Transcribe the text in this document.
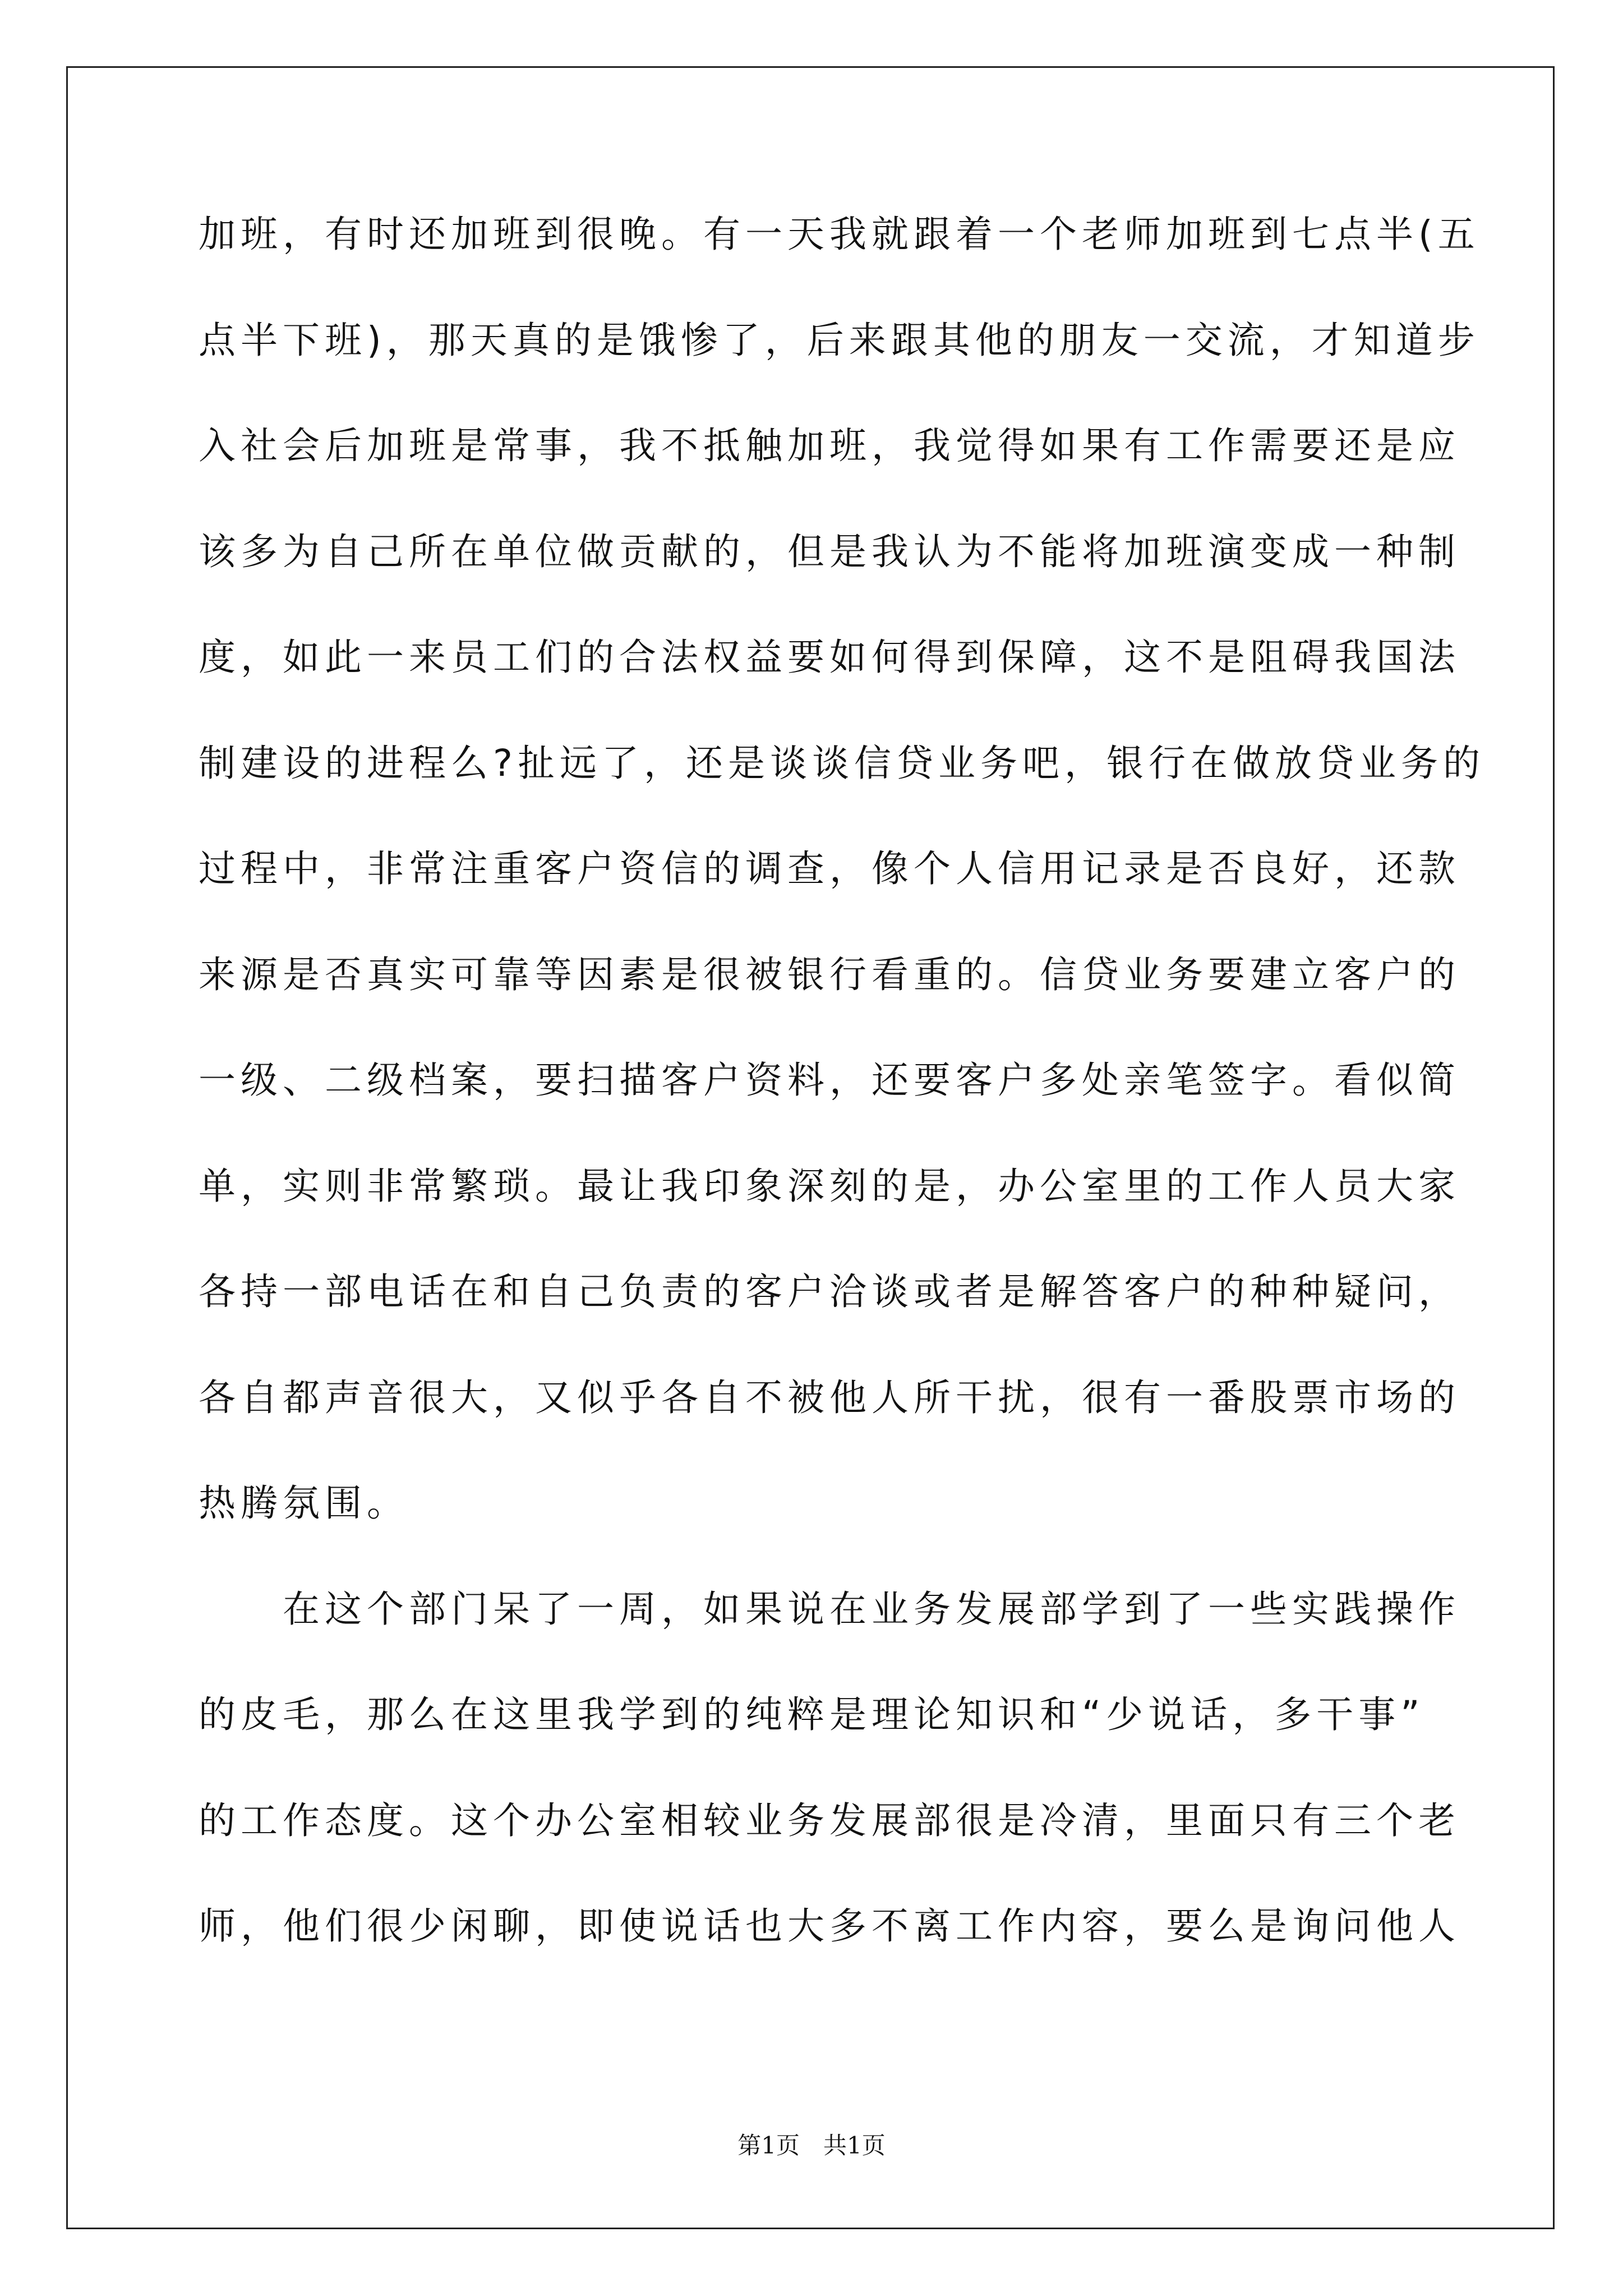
加班，有时还加班到很晚。有一天我就跟着一个老师加班到七点半(五
点半下班)，那天真的是饿惨了，后来跟其他的朋友一交流，才知道步
入社会后加班是常事，我不抵触加班，我觉得如果有工作需要还是应
该多为自己所在单位做贡献的，但是我认为不能将加班演变成一种制
度，如此一来员工们的合法权益要如何得到保障，这不是阻碍我国法
制建设的进程么?扯远了，还是谈谈信贷业务吧，银行在做放贷业务的
过程中，非常注重客户资信的调查，像个人信用记录是否良好，还款
来源是否真实可靠等因素是很被银行看重的。信贷业务要建立客户的
一级、二级档案，要扫描客户资料，还要客户多处亲笔签字。看似简
单，实则非常繁琐。最让我印象深刻的是，办公室里的工作人员大家
各持一部电话在和自己负责的客户洽谈或者是解答客户的种种疑问，
各自都声音很大，又似乎各自不被他人所干扰，很有一番股票市场的
热腾氛围。
　　在这个部门呆了一周，如果说在业务发展部学到了一些实践操作
的皮毛，那么在这里我学到的纯粹是理论知识和“少说话，多干事”
的工作态度。这个办公室相较业务发展部很是冷清，里面只有三个老
师，他们很少闲聊，即使说话也大多不离工作内容，要么是询问他人
第1页　共1页
